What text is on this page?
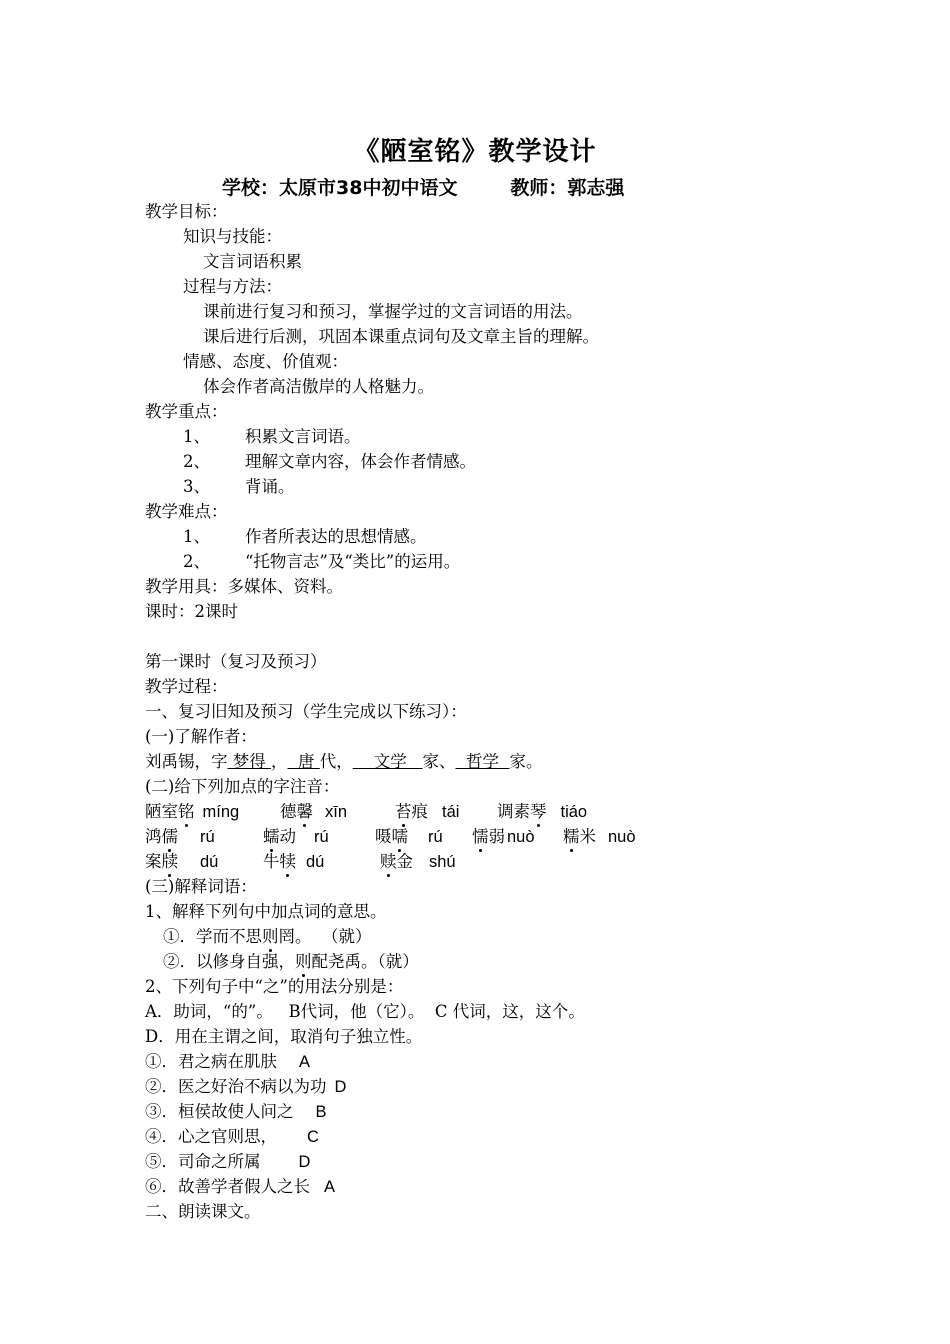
《陋室铭》教学设计
学校：太原市38中初中语文        教师：郭志强
教学目标：
知识与技能：
文言词语积累
过程与方法：
课前进行复习和预习，掌握学过的文言词语的用法。
课后进行后测，巩固本课重点词句及文章主旨的理解。
情感、态度、价值观：
体会作者高洁傲岸的人格魅力。
教学重点：
1、 积累文言词语。
2、 理解文章内容，体会作者情感。
3、 背诵。
教学难点：
1、 作者所表达的思想情感。
2、 “托物言志”及“类比”的运用。
教学用具：多媒体、资料。
课时：2课时
第一课时（复习及预习）
教学过程：
一、复习旧知及预习（学生完成以下练习）：
(一)了解作者：
刘禹锡，字 梦得 ，  唐 代，    文学   家、  哲学  家。
(二)给下列加点的字注音：
陋室铭 mínɡ 德馨 xīn	苔痕 tái 调素琴 tiáo
鸿儒 rú	蠕动 rú	嗫嚅 rú 懦弱 nuò 糯米 nuò
案牍 dú	牛犊 dú	赎金 shú
(三)解释词语：
1、解释下列句中加点词的意思。
①．学而不思则罔。  （就）
②．以修身自强，则配尧禹。（就）
2、下列句子中“之”的用法分别是：
A．助词，“的”。   B代词，他（它）。  C 代词，这，这个。
D．用在主谓之间，取消句子独立性。
①．君之病在肌肤 A
②．医之好治不病以为功 D
③．桓侯故使人问之 B
④．心之官则思， C
⑤．司命之所属 D
⑥．故善学者假人之长 A
二、朗读课文。
